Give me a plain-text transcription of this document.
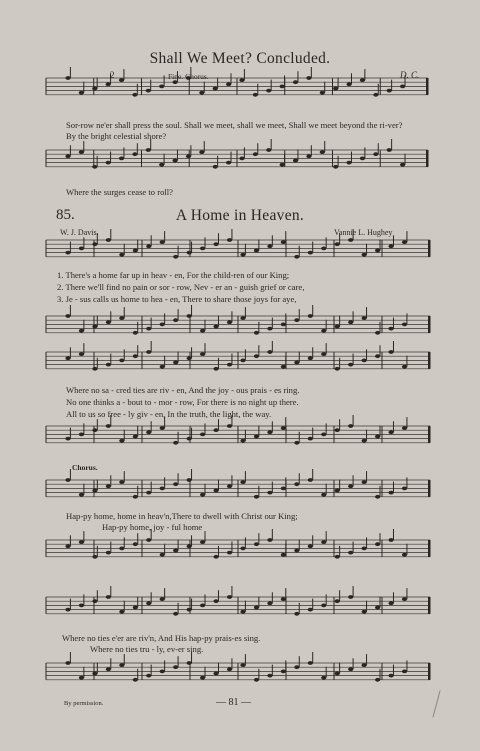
Shall We Meet? Concluded.
2	Fine. Chorus.	D. C.
Sor-row ne'er shall press the soul. Shall we meet, shall we meet, Shall we meet beyond the ri-ver?
By the bright celestial shore?
Where the surges cease to roll?
85.	A Home in Heaven.
W. J. Davis.	Vannie L. Hughey
1. There's a home far up in heav - en, For the child-ren of our King;
2. There we'll find no pain or sor - row, Nev - er an - guish grief or care,
3. Je - sus calls us home to hea - en, There to share those joys for aye,
Where no sa - cred ties are riv - en, And the joy - ous prais - es ring.
No one thinks a - bout to - mor - row, For there is no night up there.
All to us so free - ly giv - en, In the truth, the light, the way.
Chorus.
Hap-py home, home in heav'n,There to dwell with Christ our King;
Hap-py home, joy - ful home
Where no ties e'er are riv'n, And His hap-py prais-es sing.
Where no ties tru - ly, ev-er sing.
By permission.	— 81 —
